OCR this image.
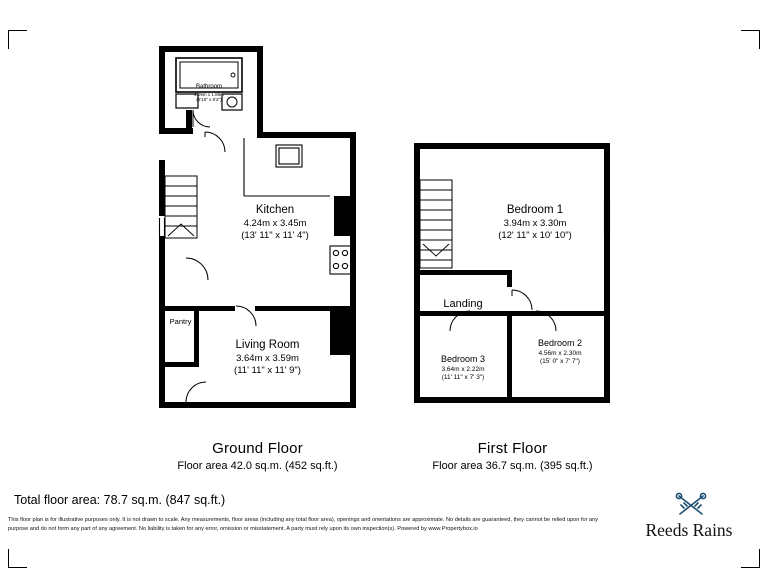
Bathroom
2.09m x 1.89m
(6'10" x 6'2")
Kitchen
4.24m x 3.45m
(13' 11" x 11' 4")
Living Room
3.64m x 3.59m
(11' 11" x 11' 9")
Pantry
Bedroom 1
3.94m x 3.30m
(12' 11" x 10' 10")
Landing
Bedroom 2
4.56m x 2.30m
(15' 0" x 7' 7")
Bedroom 3
3.64m x 2.22m
(11' 11" x 7' 3")
Ground Floor
Floor area 42.0 sq.m. (452 sq.ft.)
First Floor
Floor area 36.7 sq.m. (395 sq.ft.)
Total floor area: 78.7 sq.m. (847 sq.ft.)
This floor plan is for illustrative purposes only. It is not drawn to scale. Any measurements, floor areas (including any total floor area), openings and orientations are approximate. No details are guaranteed, they cannot be relied upon for any purpose and do not form any part of any agreement. No liability is taken for any error, omission or misstatement. A party must rely upon its own inspection(s). Powered by www.Propertybox.io	Reeds Rains
